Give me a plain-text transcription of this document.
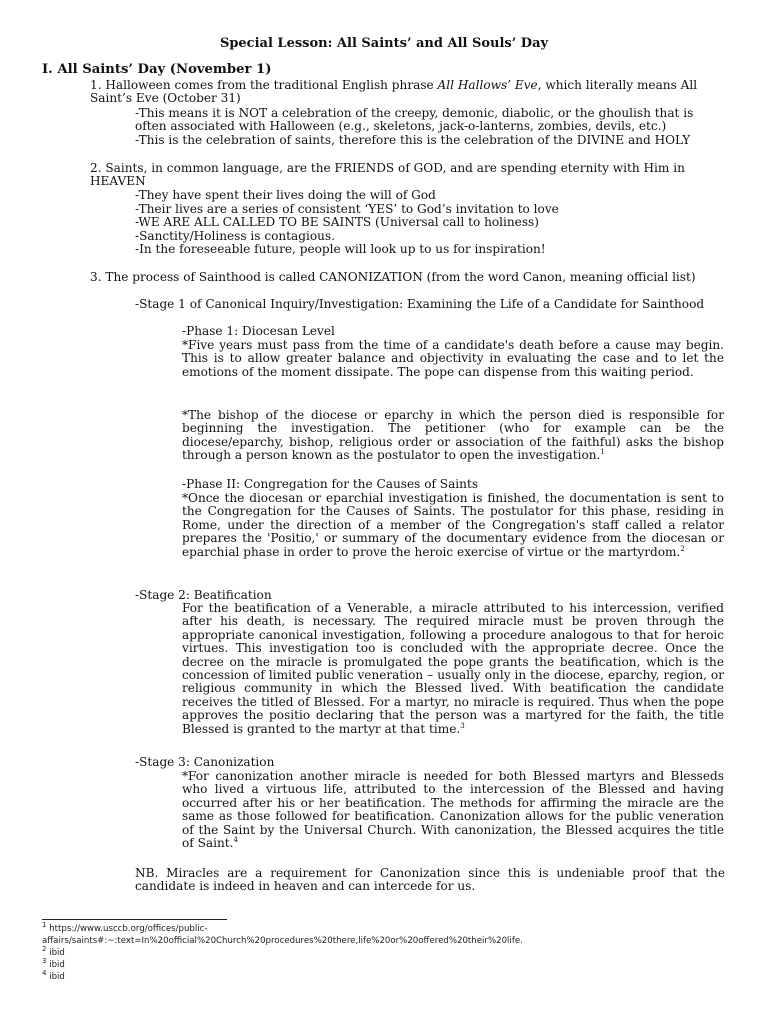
Special Lesson: All Saints’ and All Souls’ Day
I. All Saints’ Day (November 1)

1. Halloween comes from the traditional English phrase All Hallows’ Eve, which literally means All Saint’s Eve (October 31)

-This means it is NOT a celebration of the creepy, demonic, diabolic, or the ghoulish that is often associated with Halloween (e.g., skeletons, jack-o-lanterns, zombies, devils, etc.)

-This is the celebration of saints, therefore this is the celebration of the DIVINE and HOLY

2. Saints, in common language, are the FRIENDS of GOD, and are spending eternity with Him in HEAVEN

-They have spent their lives doing the will of God

-Their lives are a series of consistent ‘YES’ to God’s invitation to love

-WE ARE ALL CALLED TO BE SAINTS (Universal call to holiness)

-Sanctity/Holiness is contagious.

-In the foreseeable future, people will look up to us for inspiration!

3. The process of Sainthood is called CANONIZATION (from the word Canon, meaning official list)

-Stage 1 of Canonical Inquiry/Investigation: Examining the Life of a Candidate for Sainthood

-Phase 1: Diocesan Level

*Five years must pass from the time of a candidate's death before a cause may begin. This is to allow greater balance and objectivity in evaluating the case and to let the emotions of the moment dissipate. The pope can dispense from this waiting period.

*The bishop of the diocese or eparchy in which the person died is responsible for beginning the investigation. The petitioner (who for example can be the diocese/eparchy, bishop, religious order or association of the faithful) asks the bishop through a person known as the postulator to open the investigation.$^1$

-Phase II: Congregation for the Causes of Saints

*Once the diocesan or eparchial investigation is finished, the documentation is sent to the Congregation for the Causes of Saints. The postulator for this phase, residing in Rome, under the direction of a member of the Congregation's staff called a relator prepares the 'Positio,' or summary of the documentary evidence from the diocesan or eparchial phase in order to prove the heroic exercise of virtue or the martyrdom.$^2$

-Stage 2: Beatification

For the beatification of a Venerable, a miracle attributed to his intercession, verified after his death, is necessary. The required miracle must be proven through the appropriate canonical investigation, following a procedure analogous to that for heroic virtues. This investigation too is concluded with the appropriate decree. Once the decree on the miracle is promulgated the pope grants the beatification, which is the concession of limited public veneration – usually only in the diocese, eparchy, region, or religious community in which the Blessed lived. With beatification the candidate receives the titled of Blessed. For a martyr, no miracle is required. Thus when the pope approves the positio declaring that the person was a martyred for the faith, the title Blessed is granted to the martyr at that time.$^3$

-Stage 3: Canonization

*For canonization another miracle is needed for both Blessed martyrs and Blesseds who lived a virtuous life, attributed to the intercession of the Blessed and having occurred after his or her beatification. The methods for affirming the miracle are the same as those followed for beatification. Canonization allows for the public veneration of the Saint by the Universal Church. With canonization, the Blessed acquires the title of Saint.$^4$

NB. Miracles are a requirement for Canonization since this is undeniable proof that the candidate is indeed in heaven and can intercede for us.

$^1$ https://www.usccb.org/offices/public-
affairs/saints#:~:text=In%20official%20Church%20procedures%20there,life%20or%20offered%20their%20life.
$^2$ ibid
$^3$ ibid
$^4$ ibid
